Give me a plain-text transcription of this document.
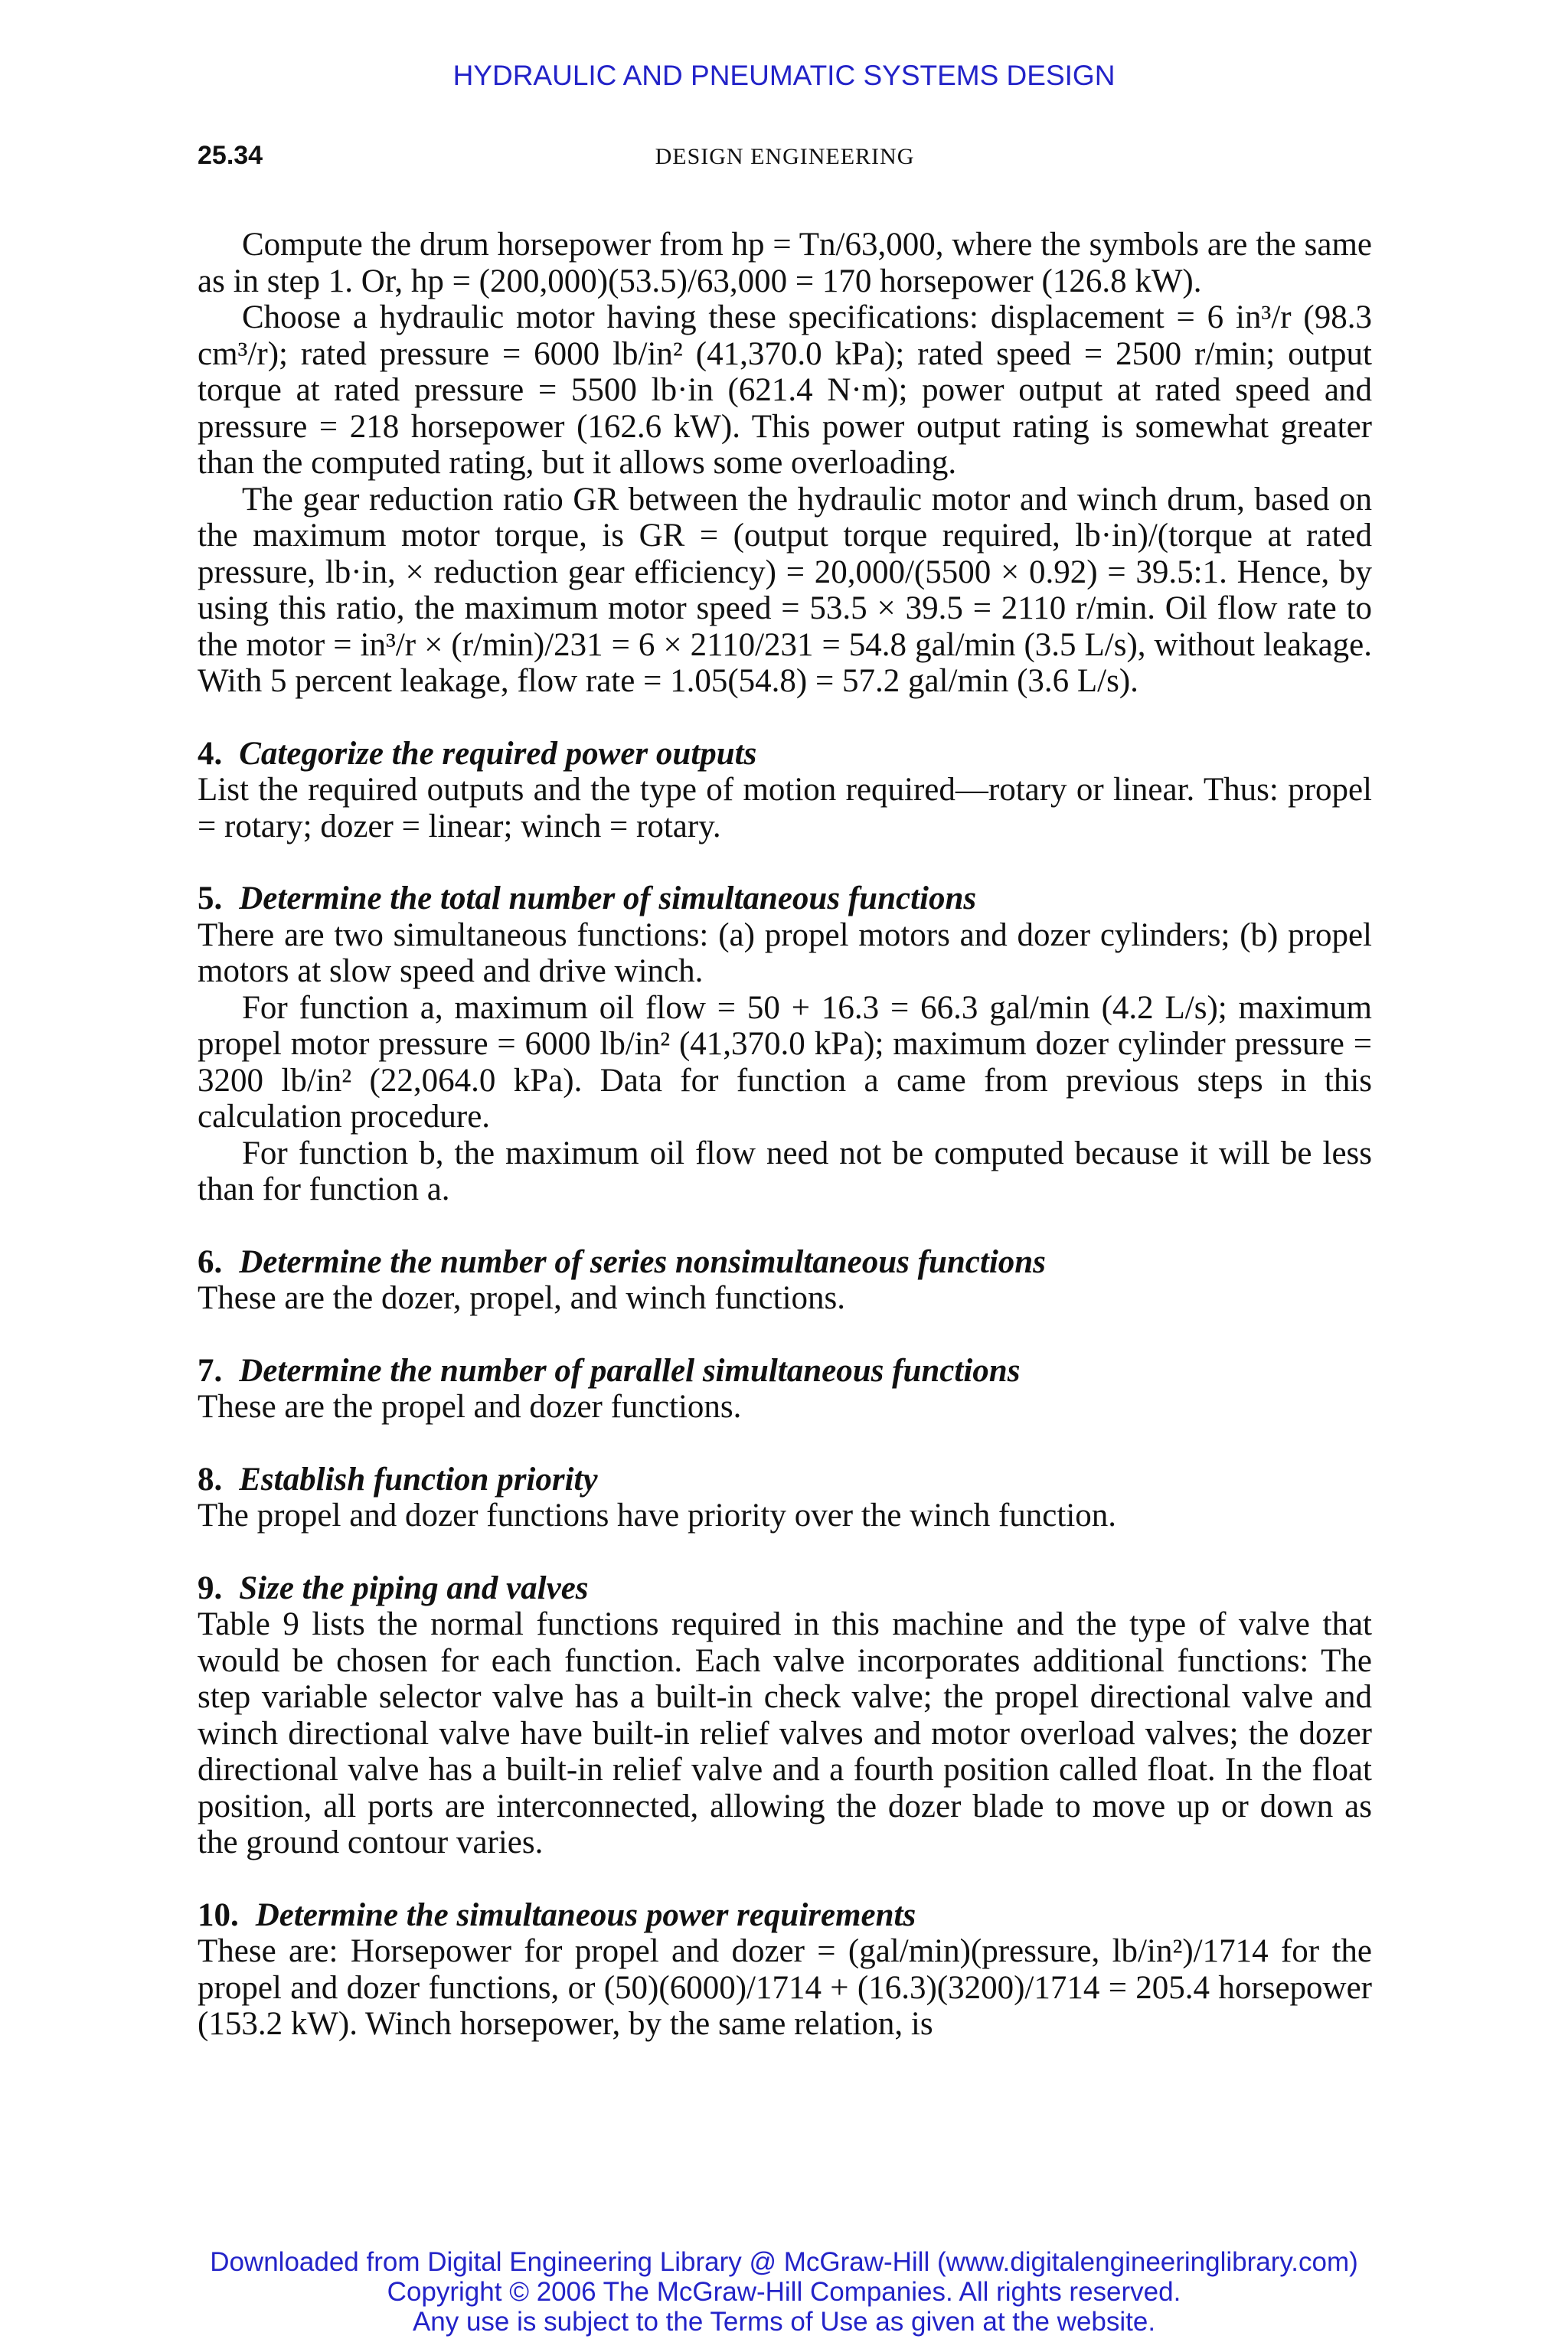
HYDRAULIC AND PNEUMATIC SYSTEMS DESIGN
25.34	DESIGN ENGINEERING

Compute the drum horsepower from hp = Tn/63,000, where the symbols are the same as in step 1. Or, hp = (200,000)(53.5)/63,000 = 170 horsepower (126.8 kW).

Choose a hydraulic motor having these specifications: displacement = 6 in³/r (98.3 cm³/r); rated pressure = 6000 lb/in² (41,370.0 kPa); rated speed = 2500 r/min; output torque at rated pressure = 5500 lb·in (621.4 N·m); power output at rated speed and pressure = 218 horsepower (162.6 kW). This power output rating is somewhat greater than the computed rating, but it allows some overloading.

The gear reduction ratio GR between the hydraulic motor and winch drum, based on the maximum motor torque, is GR = (output torque required, lb·in)/(torque at rated pressure, lb·in, × reduction gear efficiency) = 20,000/(5500 × 0.92) = 39.5:1. Hence, by using this ratio, the maximum motor speed = 53.5 × 39.5 = 2110 r/min. Oil flow rate to the motor = in³/r × (r/min)/231 = 6 × 2110/231 = 54.8 gal/min (3.5 L/s), without leakage. With 5 percent leakage, flow rate = 1.05(54.8) = 57.2 gal/min (3.6 L/s).

4. Categorize the required power outputs

List the required outputs and the type of motion required—rotary or linear. Thus: propel = rotary; dozer = linear; winch = rotary.

5. Determine the total number of simultaneous functions

There are two simultaneous functions: (a) propel motors and dozer cylinders; (b) propel motors at slow speed and drive winch.

For function a, maximum oil flow = 50 + 16.3 = 66.3 gal/min (4.2 L/s); maximum propel motor pressure = 6000 lb/in² (41,370.0 kPa); maximum dozer cylinder pressure = 3200 lb/in² (22,064.0 kPa). Data for function a came from previous steps in this calculation procedure.

For function b, the maximum oil flow need not be computed because it will be less than for function a.

6. Determine the number of series nonsimultaneous functions

These are the dozer, propel, and winch functions.

7. Determine the number of parallel simultaneous functions

These are the propel and dozer functions.

8. Establish function priority

The propel and dozer functions have priority over the winch function.

9. Size the piping and valves

Table 9 lists the normal functions required in this machine and the type of valve that would be chosen for each function. Each valve incorporates additional functions: The step variable selector valve has a built-in check valve; the propel directional valve and winch directional valve have built-in relief valves and motor overload valves; the dozer directional valve has a built-in relief valve and a fourth position called float. In the float position, all ports are interconnected, allowing the dozer blade to move up or down as the ground contour varies.

10. Determine the simultaneous power requirements

These are: Horsepower for propel and dozer = (gal/min)(pressure, lb/in²)/1714 for the propel and dozer functions, or (50)(6000)/1714 + (16.3)(3200)/1714 = 205.4 horsepower (153.2 kW). Winch horsepower, by the same relation, is

Downloaded from Digital Engineering Library @ McGraw-Hill (www.digitalengineeringlibrary.com)
Copyright © 2006 The McGraw-Hill Companies. All rights reserved.
Any use is subject to the Terms of Use as given at the website.
